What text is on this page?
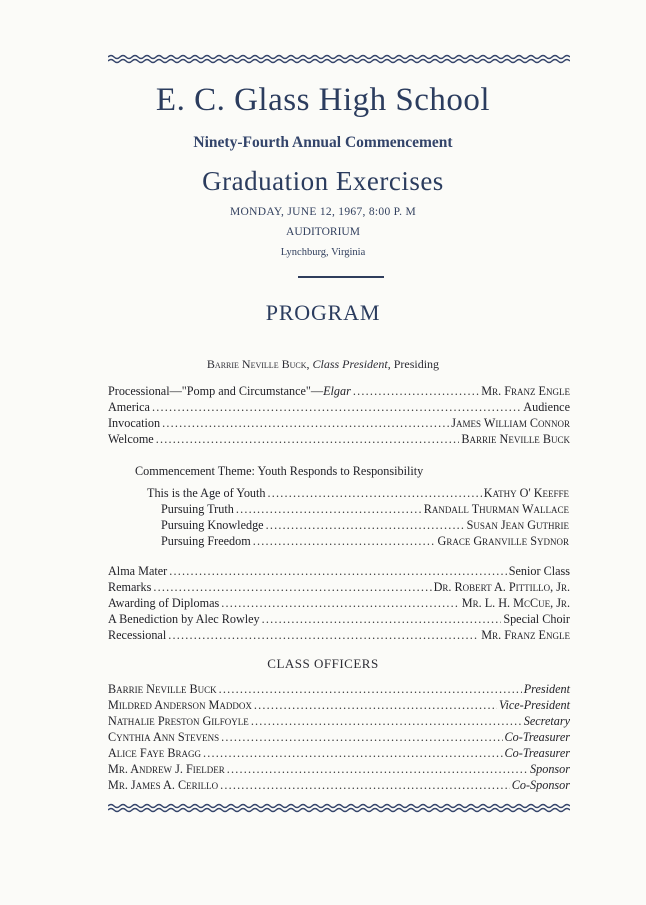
E. C. Glass High School
Ninety-Fourth Annual Commencement
Graduation Exercises
MONDAY, JUNE 12, 1967, 8:00 P. M
AUDITORIUM
Lynchburg, Virginia
PROGRAM
Barrie Neville Buck, Class President, Presiding
Processional—"Pomp and Circumstance"—Elgar .....	Mr. Franz Engle
America .....	Audience
Invocation .....	James William Connor
Welcome .....	Barrie Neville Buck
Commencement Theme: Youth Responds to Responsibility
This is the Age of Youth .....	Kathy O' Keeffe
Pursuing Truth .....	Randall Thurman Wallace
Pursuing Knowledge .....	Susan Jean Guthrie
Pursuing Freedom .....	Grace Granville Sydnor
Alma Mater .....	Senior Class
Remarks .....	Dr. Robert A. Pittillo, Jr.
Awarding of Diplomas .....	Mr. L. H. McCue, Jr.
A Benediction by Alec Rowley .....	Special Choir
Recessional .....	Mr. Franz Engle
CLASS OFFICERS
Barrie Neville Buck .....	President
Mildred Anderson Maddox .....	Vice-President
Nathalie Preston Gilfoyle .....	Secretary
Cynthia Ann Stevens .....	Co-Treasurer
Alice Faye Bragg .....	Co-Treasurer
Mr. Andrew J. Fielder .....	Sponsor
Mr. James A. Cerillo .....	Co-Sponsor
